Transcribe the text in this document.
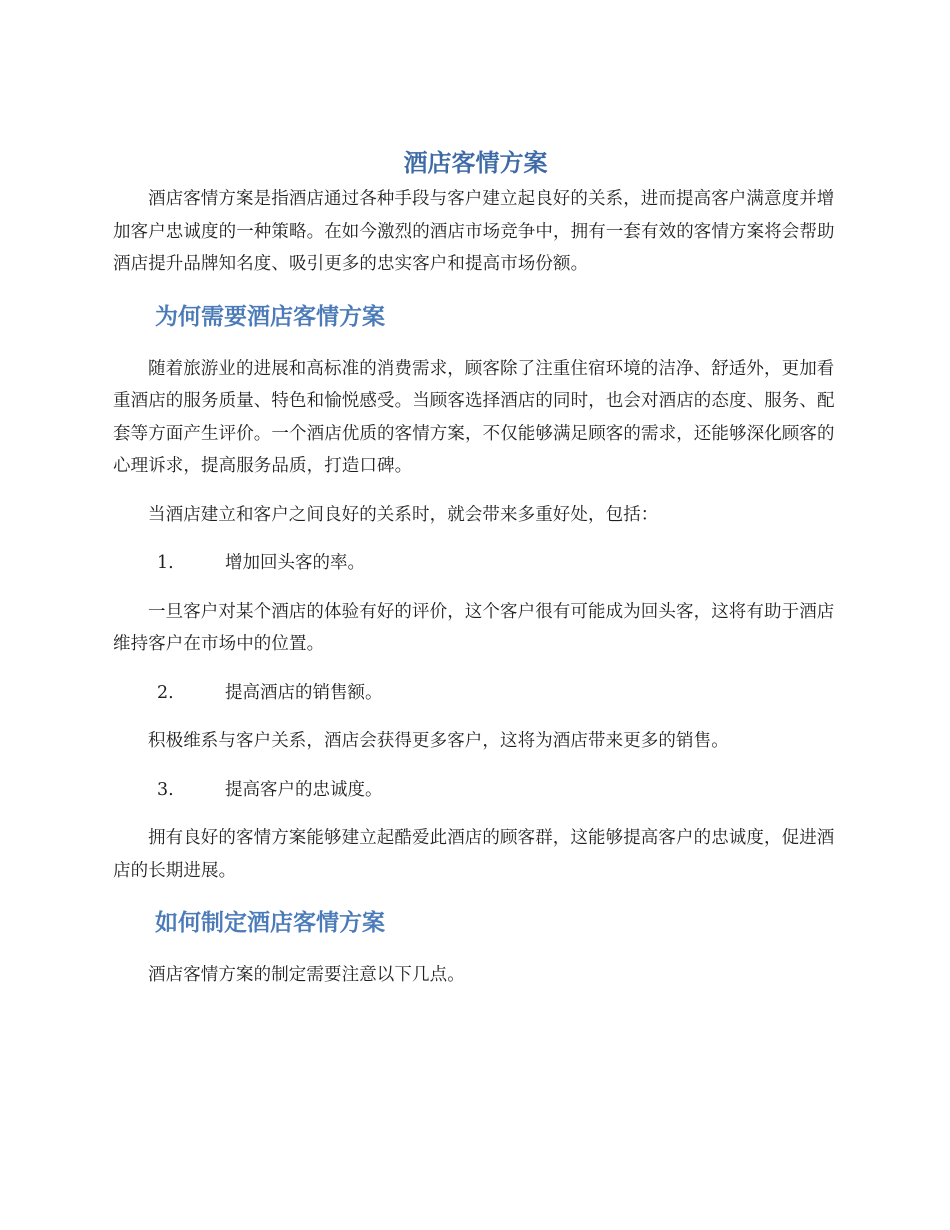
酒店客情方案

酒店客情方案是指酒店通过各种手段与客户建立起良好的关系，进而提高客户满意度并增加客户忠诚度的一种策略。在如今激烈的酒店市场竞争中，拥有一套有效的客情方案将会帮助酒店提升品牌知名度、吸引更多的忠实客户和提高市场份额。

为何需要酒店客情方案

随着旅游业的进展和高标准的消费需求，顾客除了注重住宿环境的洁净、舒适外，更加看重酒店的服务质量、特色和愉悦感受。当顾客选择酒店的同时，也会对酒店的态度、服务、配套等方面产生评价。一个酒店优质的客情方案，不仅能够满足顾客的需求，还能够深化顾客的心理诉求，提高服务品质，打造口碑。

当酒店建立和客户之间良好的关系时，就会带来多重好处，包括：

1.	增加回头客的率。

一旦客户对某个酒店的体验有好的评价，这个客户很有可能成为回头客，这将有助于酒店维持客户在市场中的位置。

2.	提高酒店的销售额。

积极维系与客户关系，酒店会获得更多客户，这将为酒店带来更多的销售。

3.	提高客户的忠诚度。

拥有良好的客情方案能够建立起酷爱此酒店的顾客群，这能够提高客户的忠诚度，促进酒店的长期进展。

如何制定酒店客情方案

酒店客情方案的制定需要注意以下几点。
